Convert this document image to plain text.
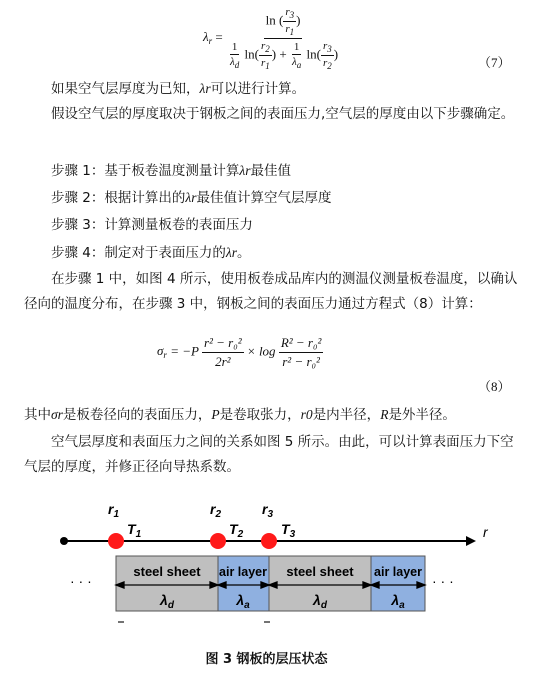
$\lambda_r = \frac{\ln ( \frac{r_3}{r_1} )}{\frac{1}{\lambda_d} \ln( \frac{r_2}{r_1} ) + \frac{1}{\lambda_a} \ln( \frac{r_3}{r_2} )}$	（7）
如果空气层厚度为已知，λr可以进行计算。
假设空气层的厚度取决于钢板之间的表面压力,空气层的厚度由以下步骤确定。
步骤 1：基于板卷温度测量计算λr最佳值
步骤 2：根据计算出的λr最佳值计算空气层厚度
步骤 3：计算测量板卷的表面压力
步骤 4：制定对于表面压力的λr。
在步骤 1 中，如图 4 所示，使用板卷成品库内的测温仪测量板卷温度，以确认径向的温度分布，在步骤 3 中，钢板之间的表面压力通过方程式（8）计算：
$\sigma_r = -P \frac{\text{r² − r₀²}}{\text{2r²}} \times \log \frac{\text{R² − r₀²}}{\text{r² − r₀²}}$
（8）
其中σr是板卷径向的表面压力，P是卷取张力，r0是内半径，R是外半径。
空气层厚度和表面压力之间的关系如图 5 所示。由此，可以计算表面压力下空气层的厚度，并修正径向导热系数。
r
steel sheet air layer steel sheet air layer
$\lambda_d$	$\lambda_a$	$\lambda_d$	$\lambda_a$
· · ·	· · ·
$r_1$
$T_1$
$r_2$
$T_2$
$r_3$
$T_3$
图 3 钢板的层压状态
